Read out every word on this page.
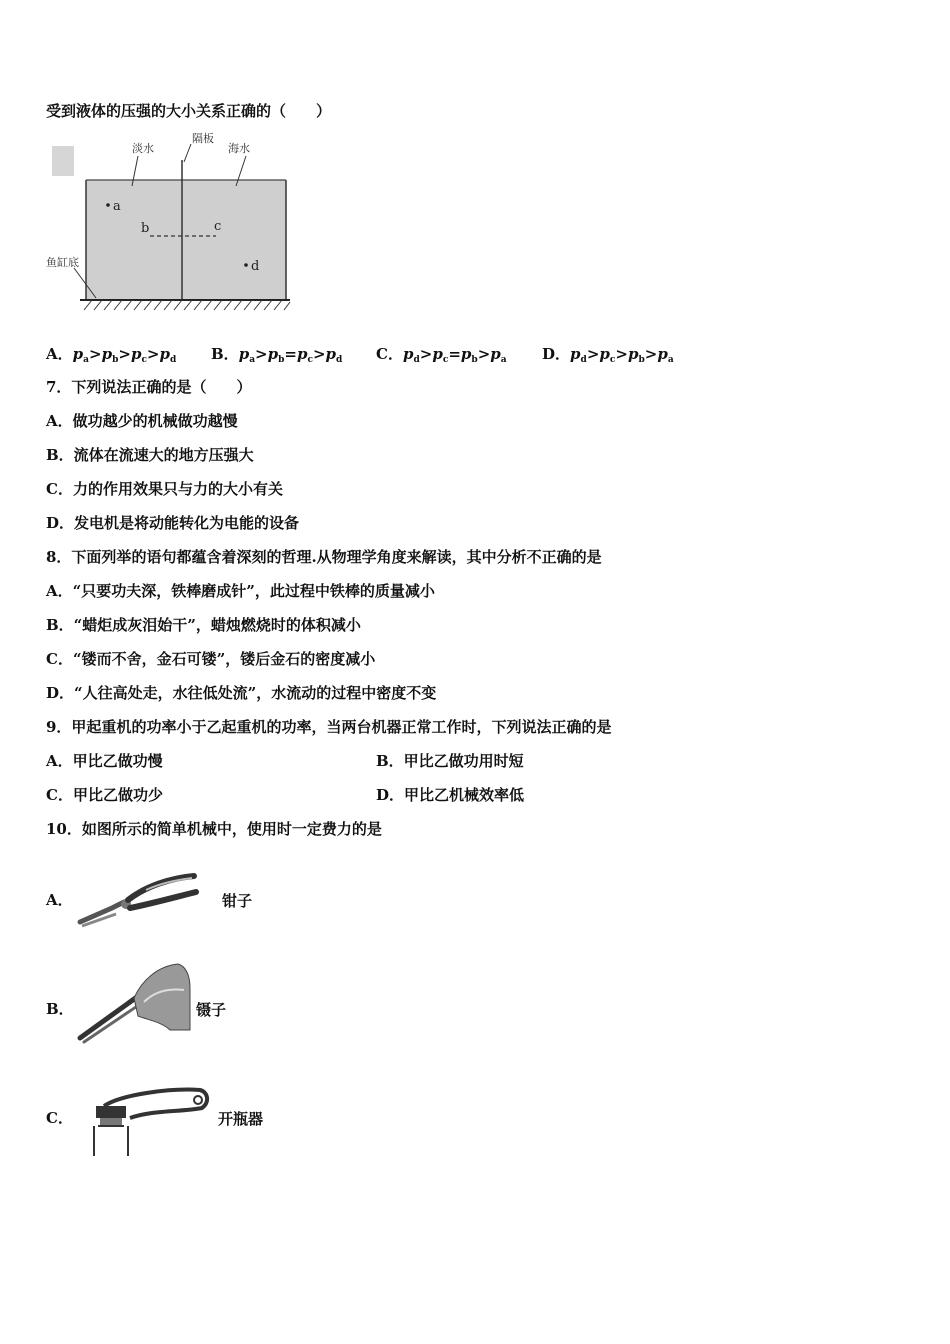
受到液体的压强的大小关系正确的（　　）
淡水
隔板
海水
鱼缸底
a
b	c
d
A．$p_a>p_b>p_c>p_d$ B．$p_a>p_b=p_c>p_d$ C．$p_d>p_c=p_b>p_a$ D．$p_d>p_c>p_b>p_a$
7．下列说法正确的是（　　）
A．做功越少的机械做功越慢
B．流体在流速大的地方压强大
C．力的作用效果只与力的大小有关
D．发电机是将动能转化为电能的设备
8．下面列举的语句都蕴含着深刻的哲理.从物理学角度来解读，其中分析不正确的是
A．“只要功夫深，铁棒磨成针”，此过程中铁棒的质量减小
B．“蜡炬成灰泪始干”，蜡烛燃烧时的体积减小
C．“镂而不舍，金石可镂”，镂后金石的密度减小
D．“人往高处走，水往低处流”，水流动的过程中密度不变
9．甲起重机的功率小于乙起重机的功率，当两台机器正常工作时，下列说法正确的是
A．甲比乙做功慢	B．甲比乙做功用时短
C．甲比乙做功少	D．甲比乙机械效率低
10．如图所示的简单机械中，使用时一定费力的是
A．	钳子
B．	镊子
C．	开瓶器
